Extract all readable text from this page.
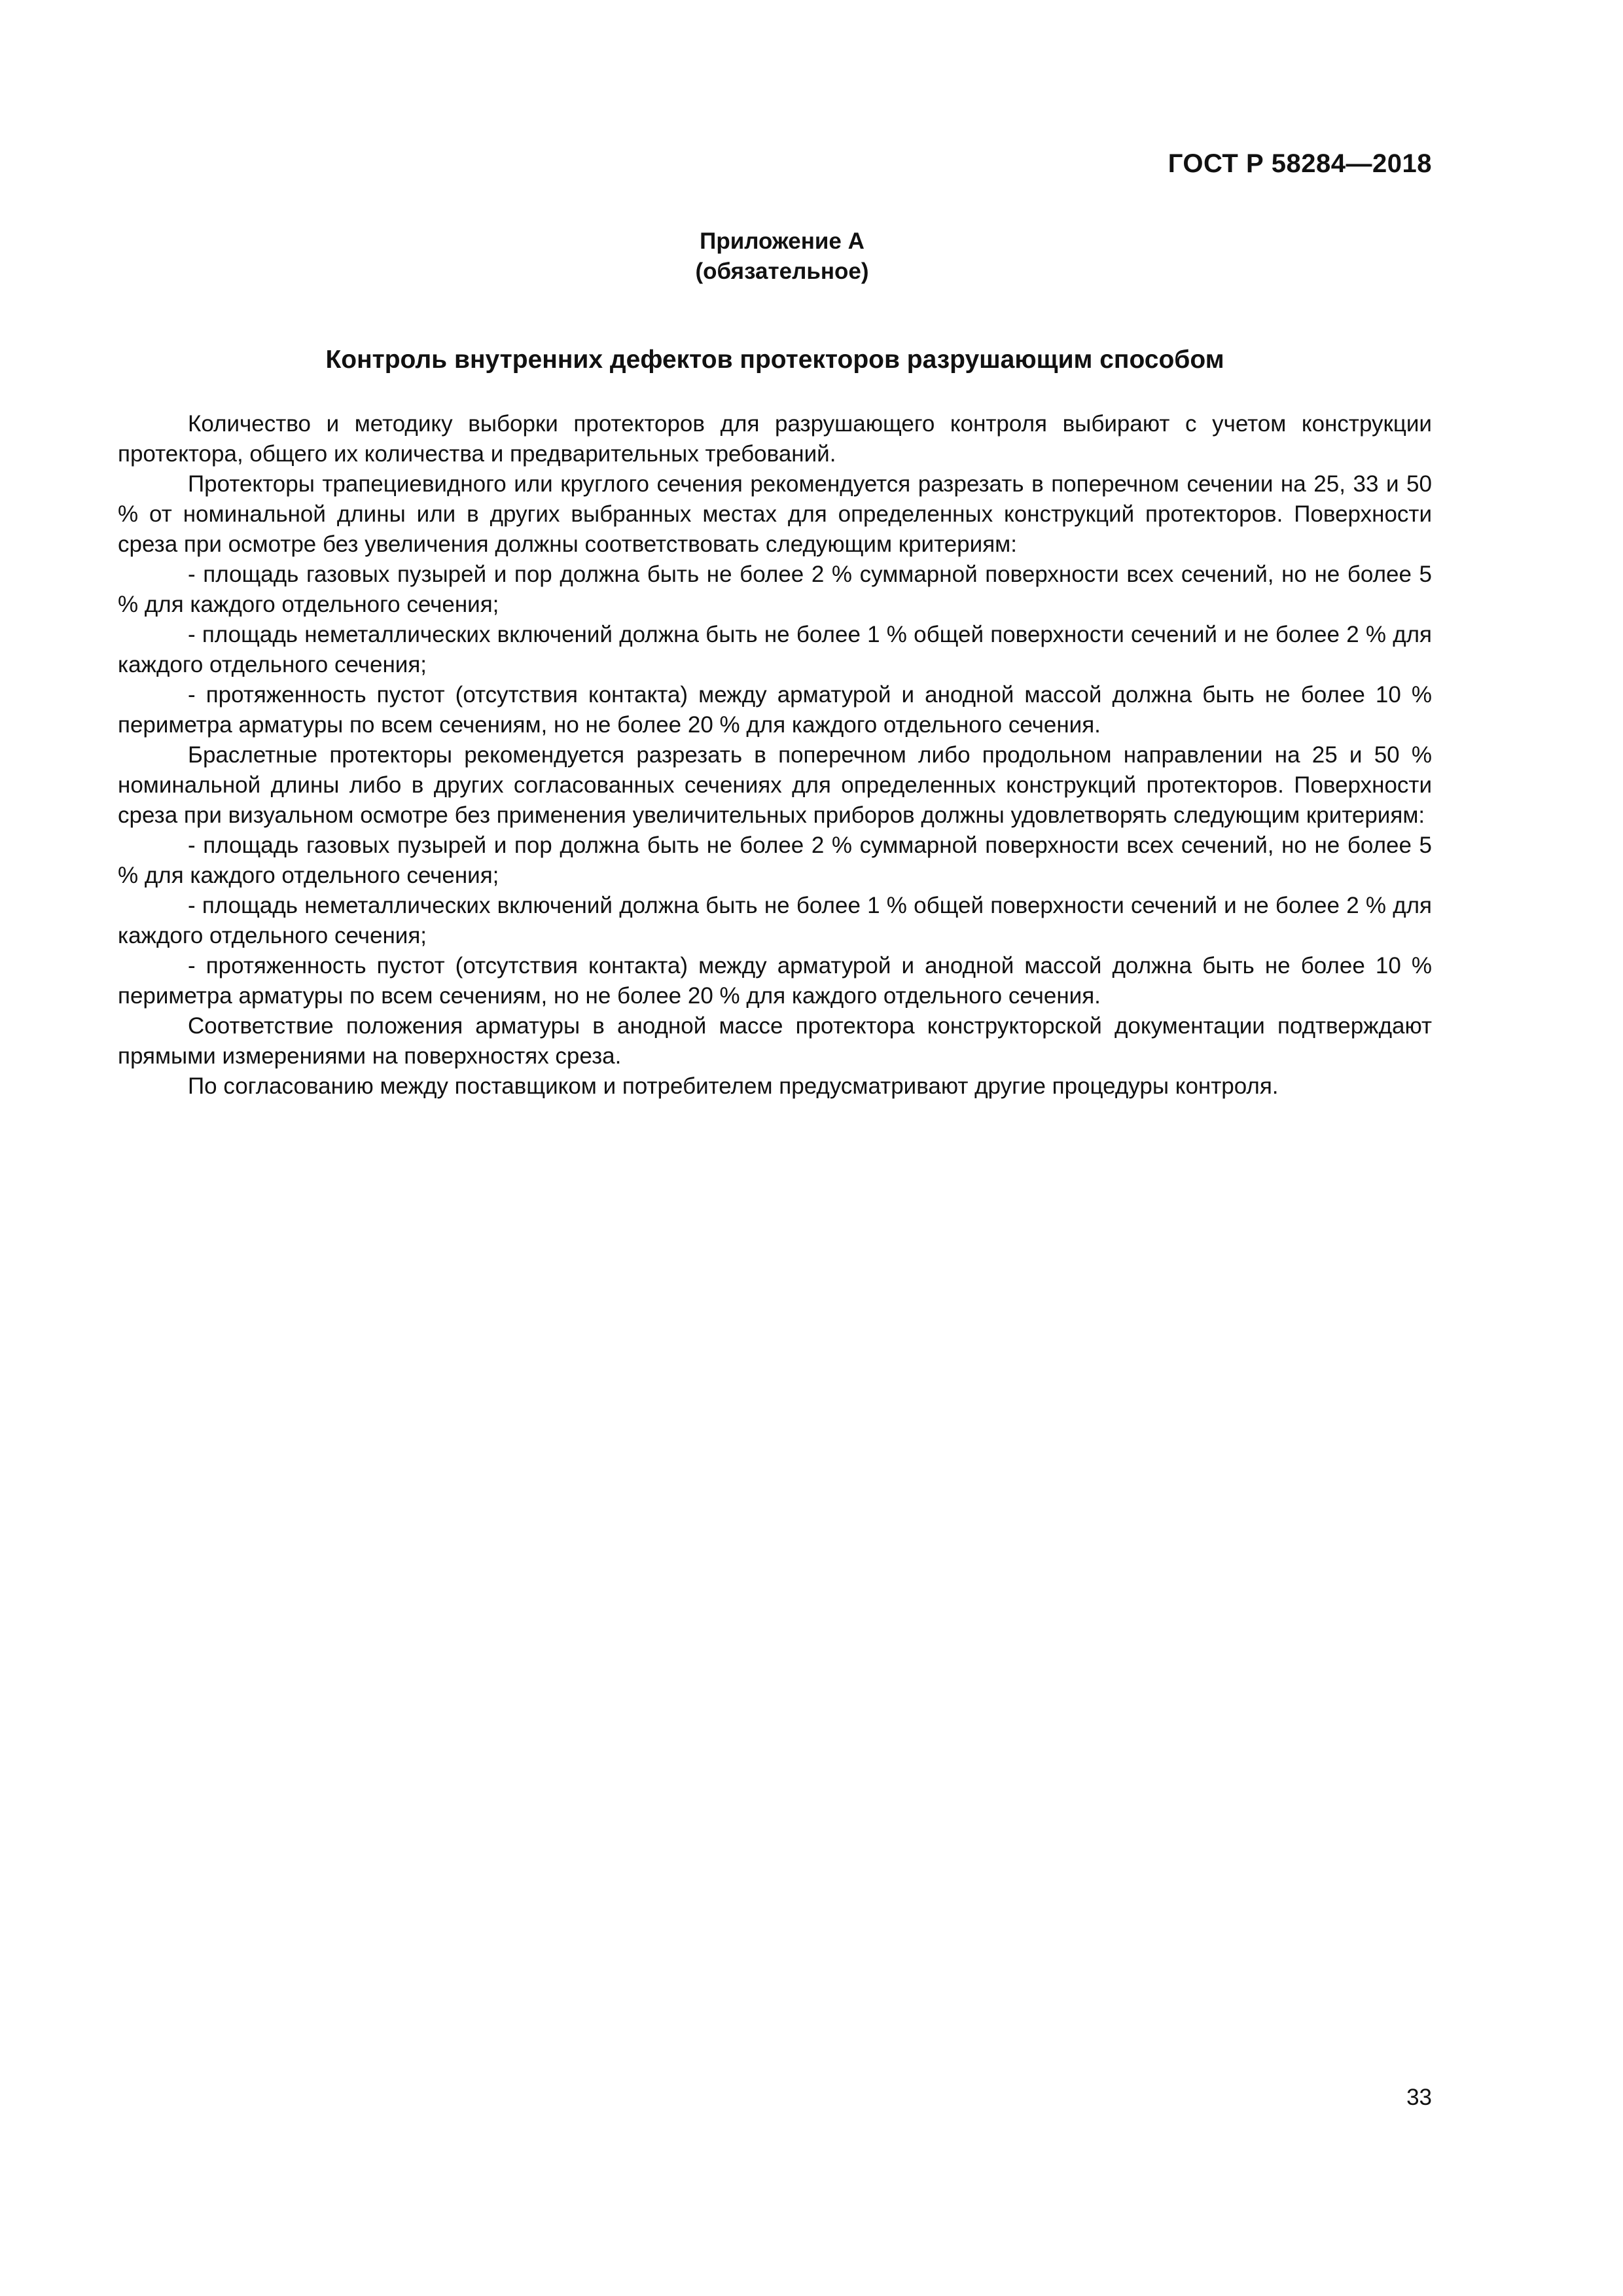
ГОСТ Р 58284—2018
Приложение А
(обязательное)
Контроль внутренних дефектов протекторов разрушающим способом

Количество и методику выборки протекторов для разрушающего контроля выбирают с учетом конструкции протектора, общего их количества и предварительных требований.

Протекторы трапециевидного или круглого сечения рекомендуется разрезать в поперечном сечении на 25, 33 и 50 % от номинальной длины или в других выбранных местах для определенных конструкций протекторов. Поверхности среза при осмотре без увеличения должны соответствовать следующим критериям:

- площадь газовых пузырей и пор должна быть не более 2 % суммарной поверхности всех сечений, но не более 5 % для каждого отдельного сечения;

- площадь неметаллических включений должна быть не более 1 % общей поверхности сечений и не более 2 % для каждого отдельного сечения;

- протяженность пустот (отсутствия контакта) между арматурой и анодной массой должна быть не более 10 % периметра арматуры по всем сечениям, но не более 20 % для каждого отдельного сечения.

Браслетные протекторы рекомендуется разрезать в поперечном либо продольном направлении на 25 и 50 % номинальной длины либо в других согласованных сечениях для определенных конструкций протекторов. Поверхности среза при визуальном осмотре без применения увеличительных приборов должны удовлетворять следующим критериям:

- площадь газовых пузырей и пор должна быть не более 2 % суммарной поверхности всех сечений, но не более 5 % для каждого отдельного сечения;

- площадь неметаллических включений должна быть не более 1 % общей поверхности сечений и не более 2 % для каждого отдельного сечения;

- протяженность пустот (отсутствия контакта) между арматурой и анодной массой должна быть не более 10 % периметра арматуры по всем сечениям, но не более 20 % для каждого отдельного сечения.

Соответствие положения арматуры в анодной массе протектора конструкторской документации подтверждают прямыми измерениями на поверхностях среза.

По согласованию между поставщиком и потребителем предусматривают другие процедуры контроля.

33
